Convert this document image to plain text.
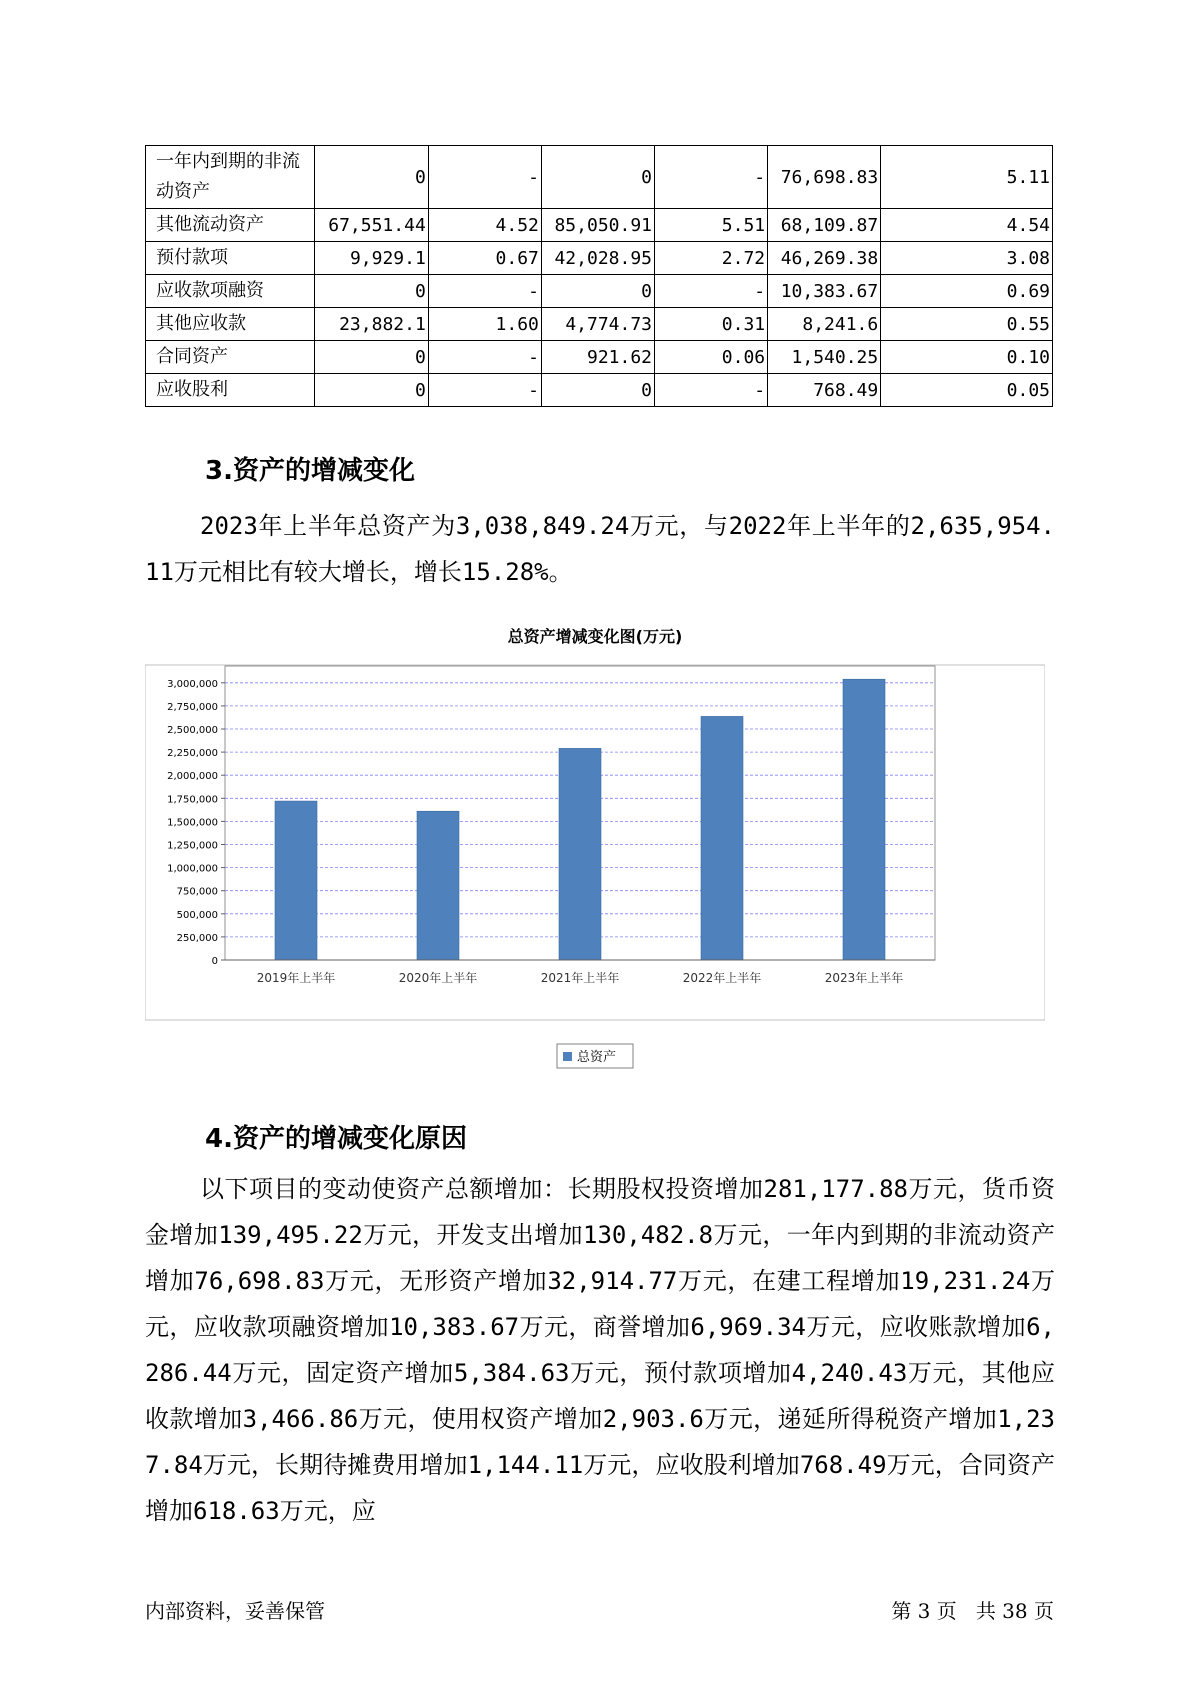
一年内到期的非流动资产	0	-	0	-	76,698.83	5.11
其他流动资产	67,551.44	4.52	85,050.91	5.51	68,109.87	4.54
预付款项	9,929.1	0.67	42,028.95	2.72	46,269.38	3.08
应收款项融资	0	-	0	-	10,383.67	0.69
其他应收款	23,882.1	1.60	4,774.73	0.31	8,241.6	0.55
合同资产	0	-	921.62	0.06	1,540.25	0.10
应收股利	0	-	0	-	768.49	0.05
3.资产的增减变化

2023年上半年总资产为3,038,849.24万元，与2022年上半年的2,635,954.11万元相比有较大增长，增长15.28%。

总资产增减变化图(万元)
0
250,000
500,000
750,000
1,000,000
1,250,000
1,500,000
1,750,000
2,000,000
2,250,000
2,500,000
2,750,000
3,000,000
2019年上半年	2020年上半年	2021年上半年	2022年上半年	2023年上半年
总资产
4.资产的增减变化原因

以下项目的变动使资产总额增加：长期股权投资增加281,177.88万元，货币资金增加139,495.22万元，开发支出增加130,482.8万元，一年内到期的非流动资产增加76,698.83万元，无形资产增加32,914.77万元，在建工程增加19,231.24万元，应收款项融资增加10,383.67万元，商誉增加6,969.34万元，应收账款增加6,286.44万元，固定资产增加5,384.63万元，预付款项增加4,240.43万元，其他应收款增加3,466.86万元，使用权资产增加2,903.6万元，递延所得税资产增加1,237.84万元，长期待摊费用增加1,144.11万元，应收股利增加768.49万元，合同资产增加618.63万元，应

内部资料，妥善保管	第 3 页   共 38 页
